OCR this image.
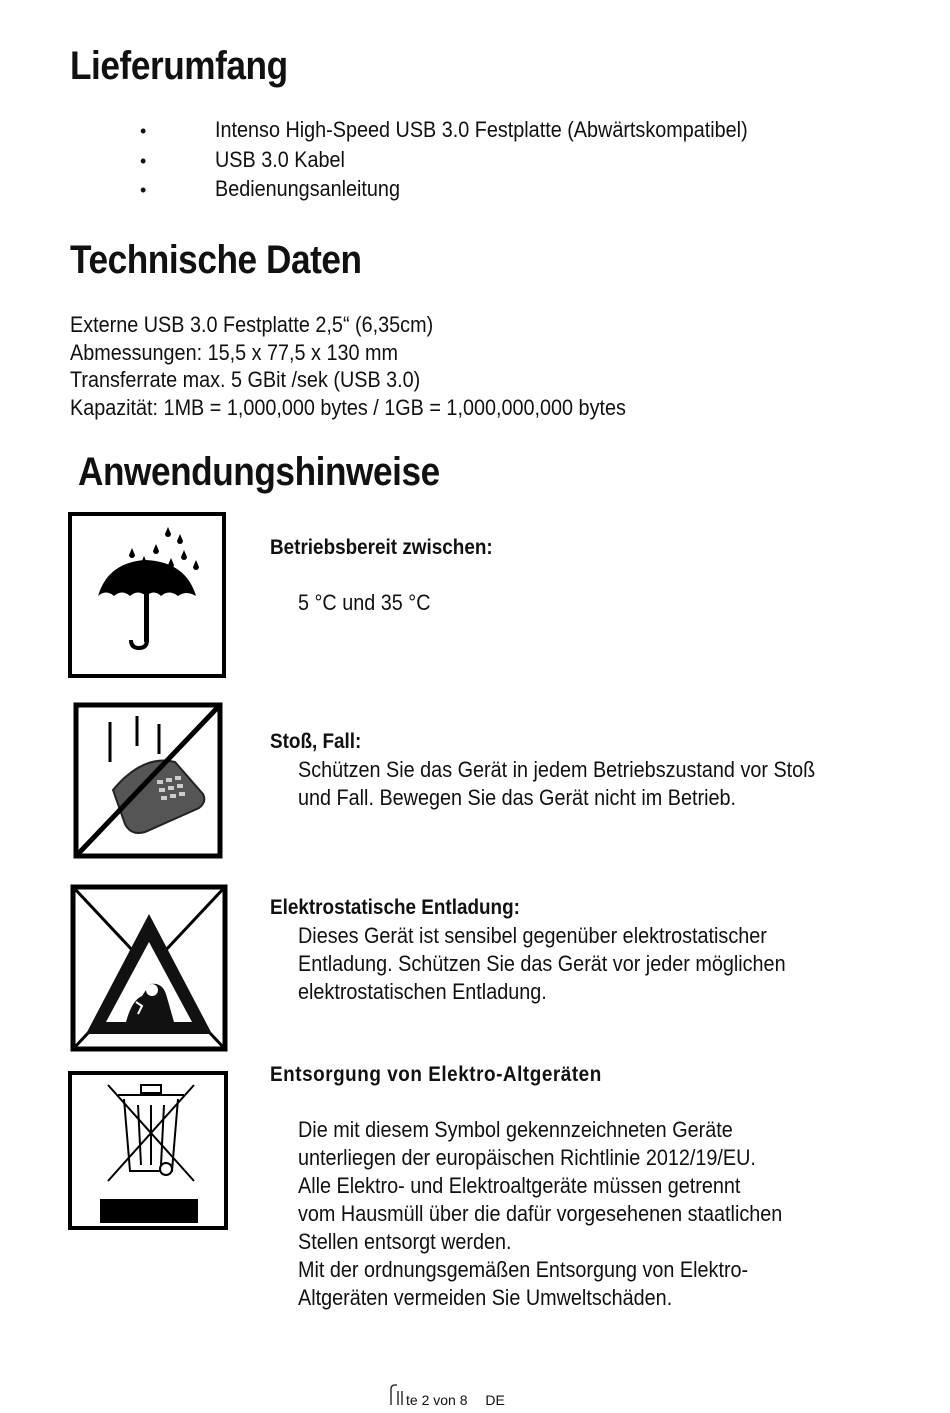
Lieferumfang
•	Intenso High-Speed USB 3.0 Festplatte (Abwärtskompatibel)
•	USB 3.0 Kabel
•	Bedienungsanleitung
Technische Daten
Externe USB 3.0 Festplatte 2,5“ (6,35cm)
Abmessungen: 15,5 x 77,5 x 130 mm
Transferrate max. 5 GBit /sek (USB 3.0)
Kapazität: 1MB = 1,000,000 bytes / 1GB = 1,000,000,000 bytes
Anwendungshinweise
Betriebsbereit zwischen:
5 °C und 35 °C
Stoß, Fall:
Schützen Sie das Gerät in jedem Betriebszustand vor Stoß
und Fall. Bewegen Sie das Gerät nicht im Betrieb.
Elektrostatische Entladung:
Dieses Gerät ist sensibel gegenüber elektrostatischer
Entladung. Schützen Sie das Gerät vor jeder möglichen
elektrostatischen Entladung.
Entsorgung von Elektro-Altgeräten
Die mit diesem Symbol gekennzeichneten Geräte
unterliegen der europäischen Richtlinie 2012/19/EU.
Alle Elektro- und Elektroaltgeräte müssen getrennt
vom Hausmüll über die dafür vorgesehenen staatlichen
Stellen entsorgt werden.
Mit der ordnungsgemäßen Entsorgung von Elektro-
Altgeräten vermeiden Sie Umweltschäden.
te 2 von 8 DE
